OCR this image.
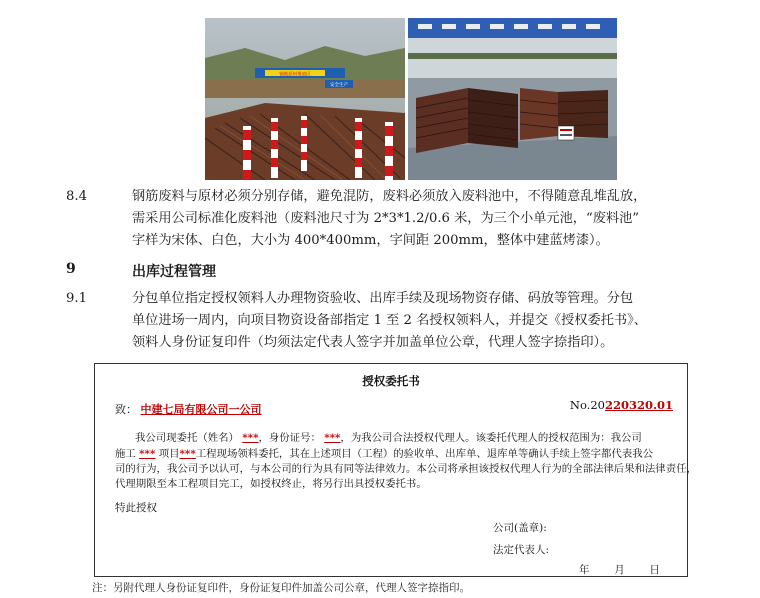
钢筋原材堆放区
安全生产
8.4	钢筋废料与原材必须分别存储，避免混防，废料必须放入废料池中，不得随意乱堆乱放，
需采用公司标准化废料池（废料池尺寸为 2*3*1.2/0.6 米，为三个小单元池，“废料池”
字样为宋体、白色，大小为 400*400mm，字间距 200mm，整体中建蓝烤漆）。
9	出库过程管理
9.1	分包单位指定授权领料人办理物资验收、出库手续及现场物资存储、码放等管理。分包
单位进场一周内，向项目物资设备部指定 1 至 2 名授权领料人，并提交《授权委托书》、
领料人身份证复印件（均须法定代表人签字并加盖单位公章，代理人签字捺指印）。
授权委托书
致： 中建七局有限公司一公司	No.20220320.01
我公司现委托（姓名） ***，身份证号： ***，为我公司合法授权代理人。该委托代理人的授权范围为：我公司
施工 *** 项目***工程现场领料委托，其在上述项目（工程）的验收单、出库单、退库单等确认手续上签字都代表我公
司的行为，我公司予以认可，与本公司的行为具有同等法律效力。本公司将承担该授权代理人行为的全部法律后果和法律责任，
代理期限至本工程项目完工，如授权终止，将另行出具授权委托书。
特此授权
公司(盖章):
法定代表人:
年 月 日
注：另附代理人身份证复印件，身份证复印件加盖公司公章，代理人签字捺指印。
